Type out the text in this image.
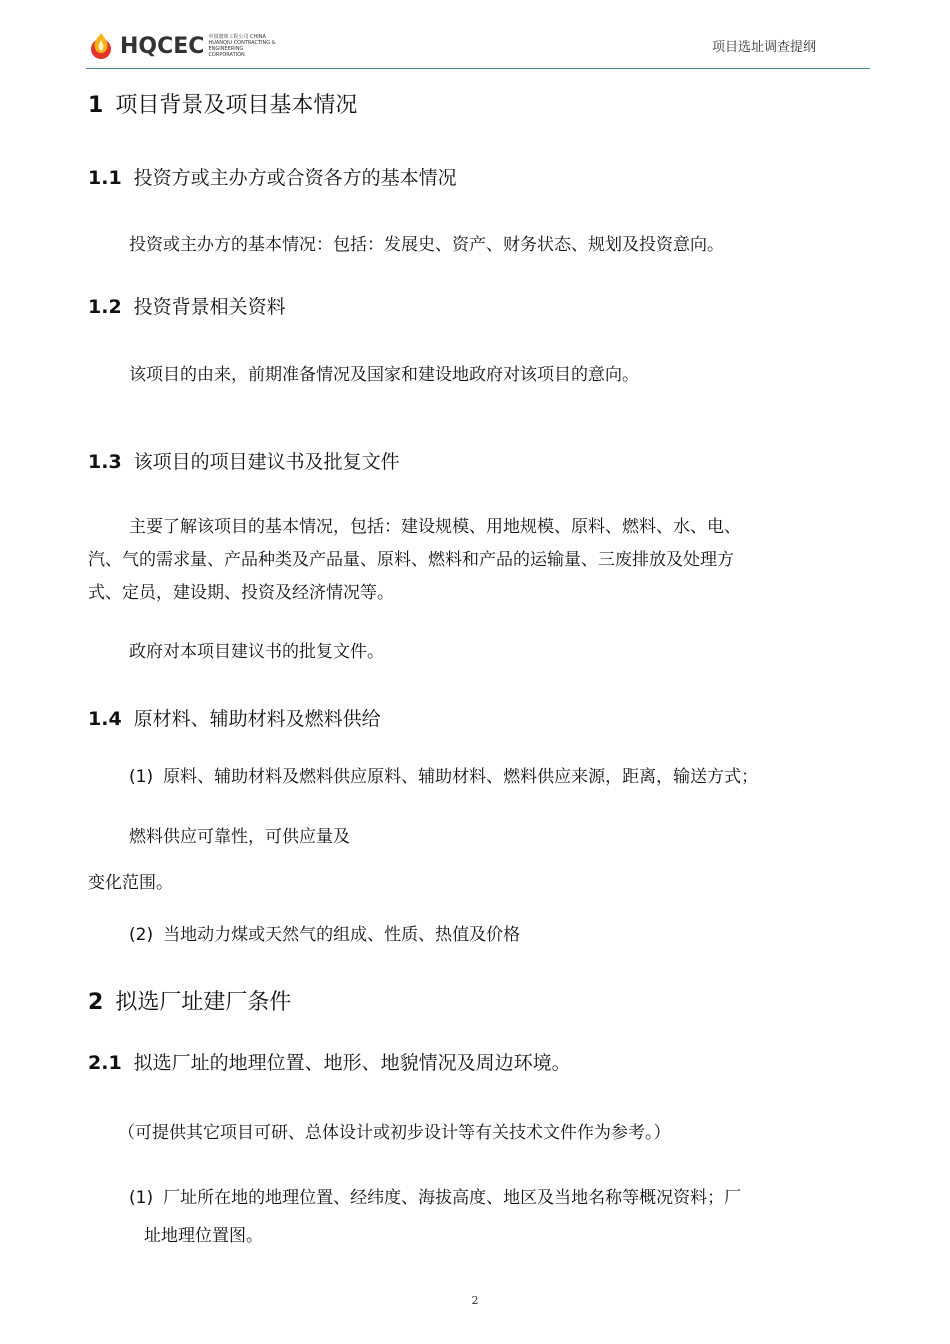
HQCEC 中国寰球工程公司 CHINA HUANQIU CONTRACTING & ENGINEERING CORPORATION	项目选址调查提纲
1 项目背景及项目基本情况
1.1 投资方或主办方或合资各方的基本情况
投资或主办方的基本情况：包括：发展史、资产、财务状态、规划及投资意向。
1.2 投资背景相关资料
该项目的由来，前期准备情况及国家和建设地政府对该项目的意向。
1.3 该项目的项目建议书及批复文件
主要了解该项目的基本情况，包括：建设规模、用地规模、原料、燃料、水、电、
汽、气的需求量、产品种类及产品量、原料、燃料和产品的运输量、三废排放及处理方
式、定员，建设期、投资及经济情况等。
政府对本项目建议书的批复文件。
1.4 原材料、辅助材料及燃料供给
(1) 原料、辅助材料及燃料供应原料、辅助材料、燃料供应来源，距离，输送方式；
燃料供应可靠性，可供应量及
变化范围。
(2) 当地动力煤或天然气的组成、性质、热值及价格
2 拟选厂址建厂条件
2.1 拟选厂址的地理位置、地形、地貌情况及周边环境。
（可提供其它项目可研、总体设计或初步设计等有关技术文件作为参考。）
(1) 厂址所在地的地理位置、经纬度、海拔高度、地区及当地名称等概况资料；厂
址地理位置图。
2
